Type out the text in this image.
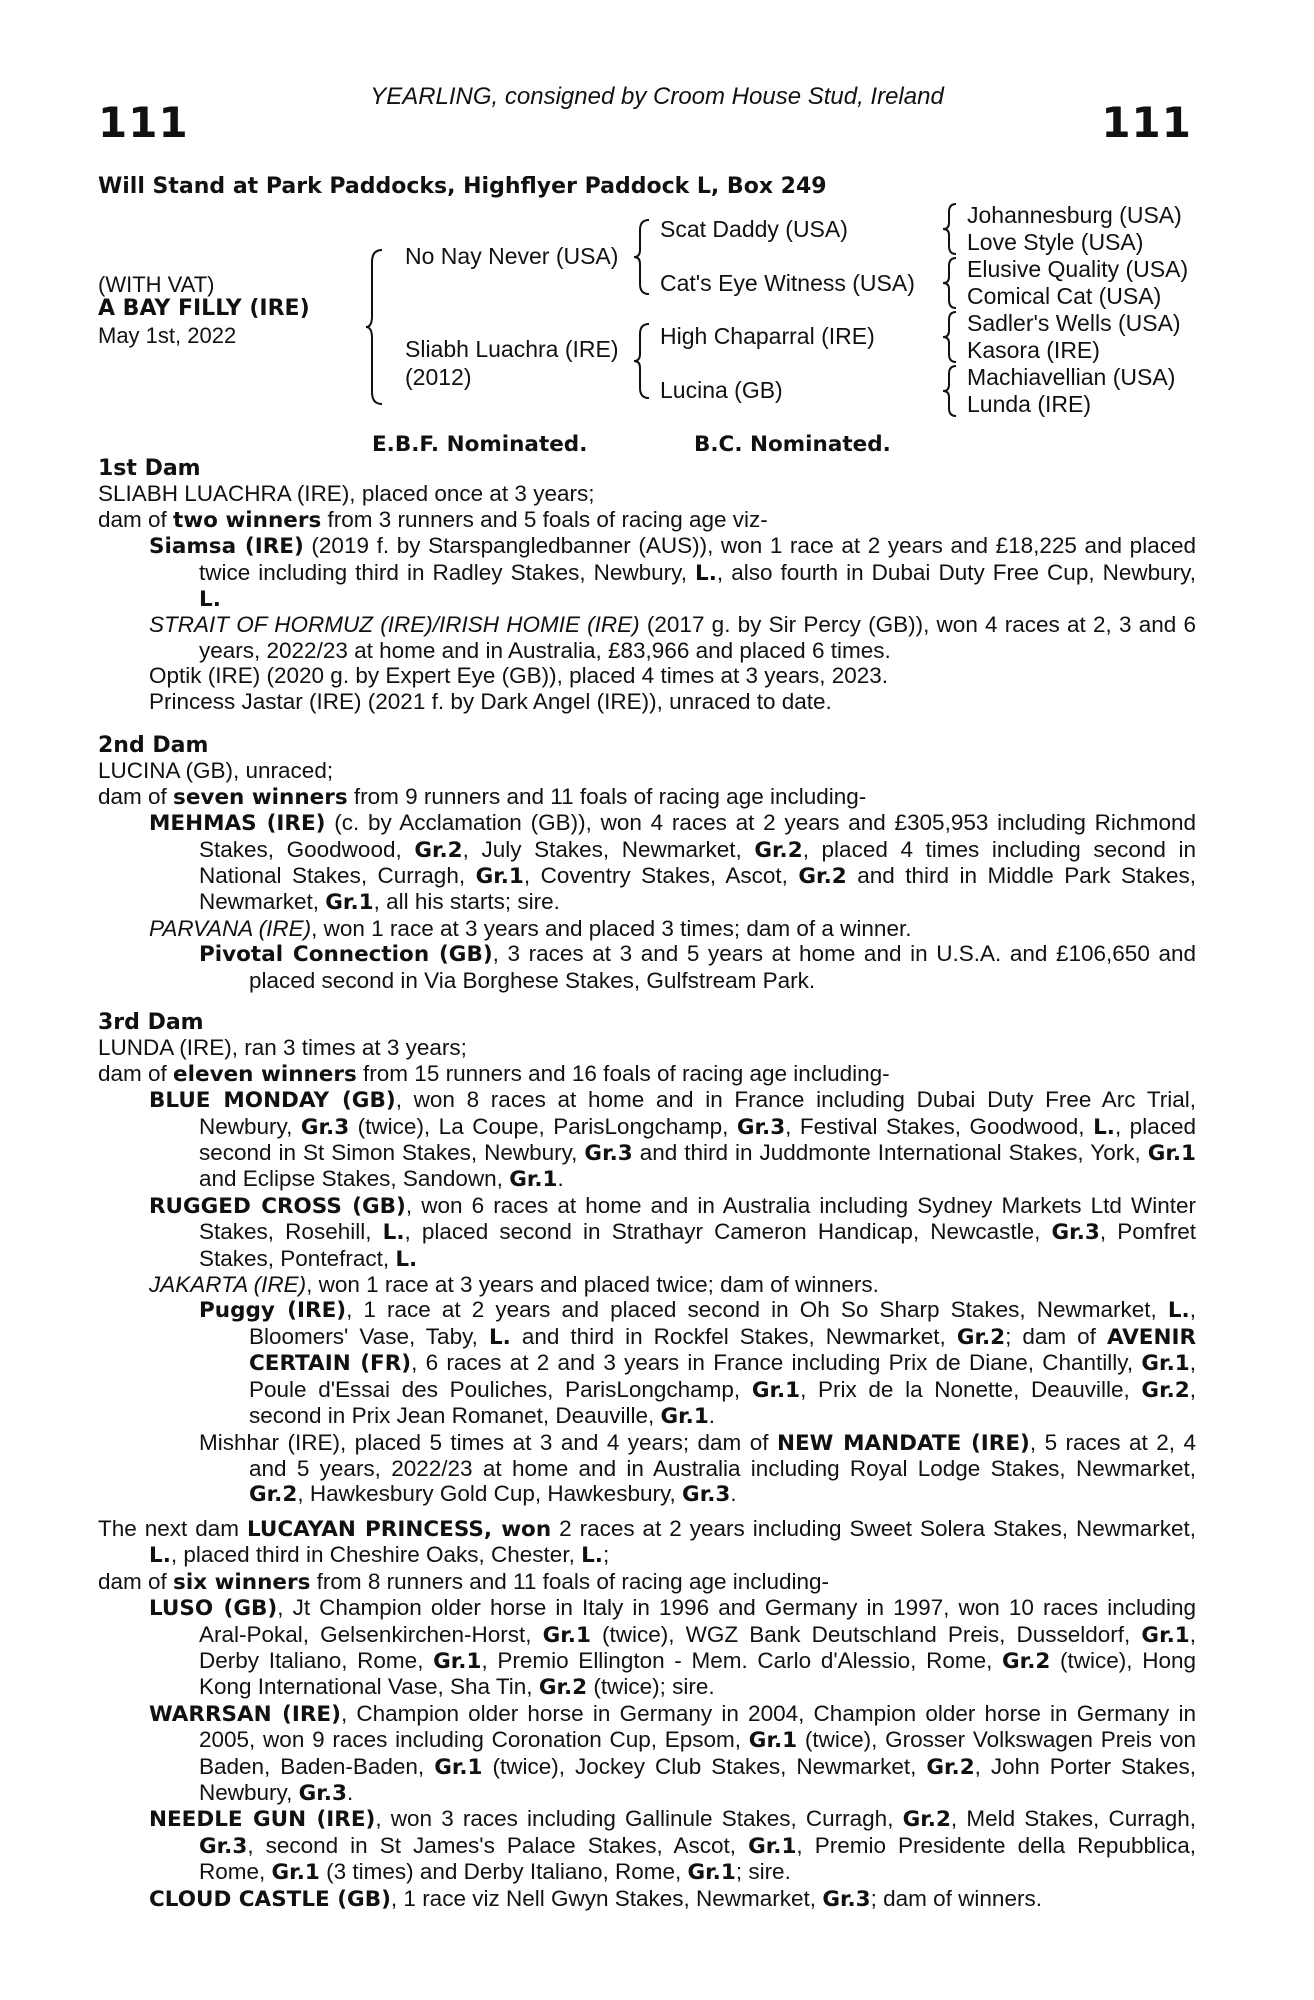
YEARLING, consigned by Croom House Stud, Ireland
111	111
Will Stand at Park Paddocks, Highflyer Paddock L, Box 249
(WITH VAT)
A BAY FILLY (IRE)
May 1st, 2022
No Nay Never (USA)
Sliabh Luachra (IRE)
(2012)
Scat Daddy (USA)
Cat's Eye Witness (USA)
High Chaparral (IRE)
Lucina (GB)
Johannesburg (USA)
Love Style (USA)
Elusive Quality (USA)
Comical Cat (USA)
Sadler's Wells (USA)
Kasora (IRE)
Machiavellian (USA)
Lunda (IRE)
E.B.F. Nominated.	B.C. Nominated.
1st Dam

SLIABH LUACHRA (IRE), placed once at 3 years;

dam of two winners from 3 runners and 5 foals of racing age viz-

Siamsa (IRE) (2019 f. by Starspangledbanner (AUS)), won 1 race at 2 years and £18,225 and placed twice including third in Radley Stakes, Newbury, L., also fourth in Dubai Duty Free Cup, Newbury, L.

STRAIT OF HORMUZ (IRE)/IRISH HOMIE (IRE) (2017 g. by Sir Percy (GB)), won 4 races at 2, 3 and 6 years, 2022/23 at home and in Australia, £83,966 and placed 6 times.

Optik (IRE) (2020 g. by Expert Eye (GB)), placed 4 times at 3 years, 2023.

Princess Jastar (IRE) (2021 f. by Dark Angel (IRE)), unraced to date.

2nd Dam

LUCINA (GB), unraced;

dam of seven winners from 9 runners and 11 foals of racing age including-

MEHMAS (IRE) (c. by Acclamation (GB)), won 4 races at 2 years and £305,953 including Richmond Stakes, Goodwood, Gr.2, July Stakes, Newmarket, Gr.2, placed 4 times including second in National Stakes, Curragh, Gr.1, Coventry Stakes, Ascot, Gr.2 and third in Middle Park Stakes, Newmarket, Gr.1, all his starts; sire.

PARVANA (IRE), won 1 race at 3 years and placed 3 times; dam of a winner.

Pivotal Connection (GB), 3 races at 3 and 5 years at home and in U.S.A. and £106,650 and placed second in Via Borghese Stakes, Gulfstream Park.

3rd Dam

LUNDA (IRE), ran 3 times at 3 years;

dam of eleven winners from 15 runners and 16 foals of racing age including-

BLUE MONDAY (GB), won 8 races at home and in France including Dubai Duty Free Arc Trial, Newbury, Gr.3 (twice), La Coupe, ParisLongchamp, Gr.3, Festival Stakes, Goodwood, L., placed second in St Simon Stakes, Newbury, Gr.3 and third in Juddmonte International Stakes, York, Gr.1 and Eclipse Stakes, Sandown, Gr.1.

RUGGED CROSS (GB), won 6 races at home and in Australia including Sydney Markets Ltd Winter Stakes, Rosehill, L., placed second in Strathayr Cameron Handicap, Newcastle, Gr.3, Pomfret Stakes, Pontefract, L.

JAKARTA (IRE), won 1 race at 3 years and placed twice; dam of winners.

Puggy (IRE), 1 race at 2 years and placed second in Oh So Sharp Stakes, Newmarket, L., Bloomers' Vase, Taby, L. and third in Rockfel Stakes, Newmarket, Gr.2; dam of AVENIR CERTAIN (FR), 6 races at 2 and 3 years in France including Prix de Diane, Chantilly, Gr.1, Poule d'Essai des Pouliches, ParisLongchamp, Gr.1, Prix de la Nonette, Deauville, Gr.2, second in Prix Jean Romanet, Deauville, Gr.1.

Mishhar (IRE), placed 5 times at 3 and 4 years; dam of NEW MANDATE (IRE), 5 races at 2, 4 and 5 years, 2022/23 at home and in Australia including Royal Lodge Stakes, Newmarket, Gr.2, Hawkesbury Gold Cup, Hawkesbury, Gr.3.

The next dam LUCAYAN PRINCESS, won 2 races at 2 years including Sweet Solera Stakes, Newmarket, L., placed third in Cheshire Oaks, Chester, L.;

dam of six winners from 8 runners and 11 foals of racing age including-

LUSO (GB), Jt Champion older horse in Italy in 1996 and Germany in 1997, won 10 races including Aral-Pokal, Gelsenkirchen-Horst, Gr.1 (twice), WGZ Bank Deutschland Preis, Dusseldorf, Gr.1, Derby Italiano, Rome, Gr.1, Premio Ellington - Mem. Carlo d'Alessio, Rome, Gr.2 (twice), Hong Kong International Vase, Sha Tin, Gr.2 (twice); sire.

WARRSAN (IRE), Champion older horse in Germany in 2004, Champion older horse in Germany in 2005, won 9 races including Coronation Cup, Epsom, Gr.1 (twice), Grosser Volkswagen Preis von Baden, Baden-Baden, Gr.1 (twice), Jockey Club Stakes, Newmarket, Gr.2, John Porter Stakes, Newbury, Gr.3.

NEEDLE GUN (IRE), won 3 races including Gallinule Stakes, Curragh, Gr.2, Meld Stakes, Curragh, Gr.3, second in St James's Palace Stakes, Ascot, Gr.1, Premio Presidente della Repubblica, Rome, Gr.1 (3 times) and Derby Italiano, Rome, Gr.1; sire.

CLOUD CASTLE (GB), 1 race viz Nell Gwyn Stakes, Newmarket, Gr.3; dam of winners.
